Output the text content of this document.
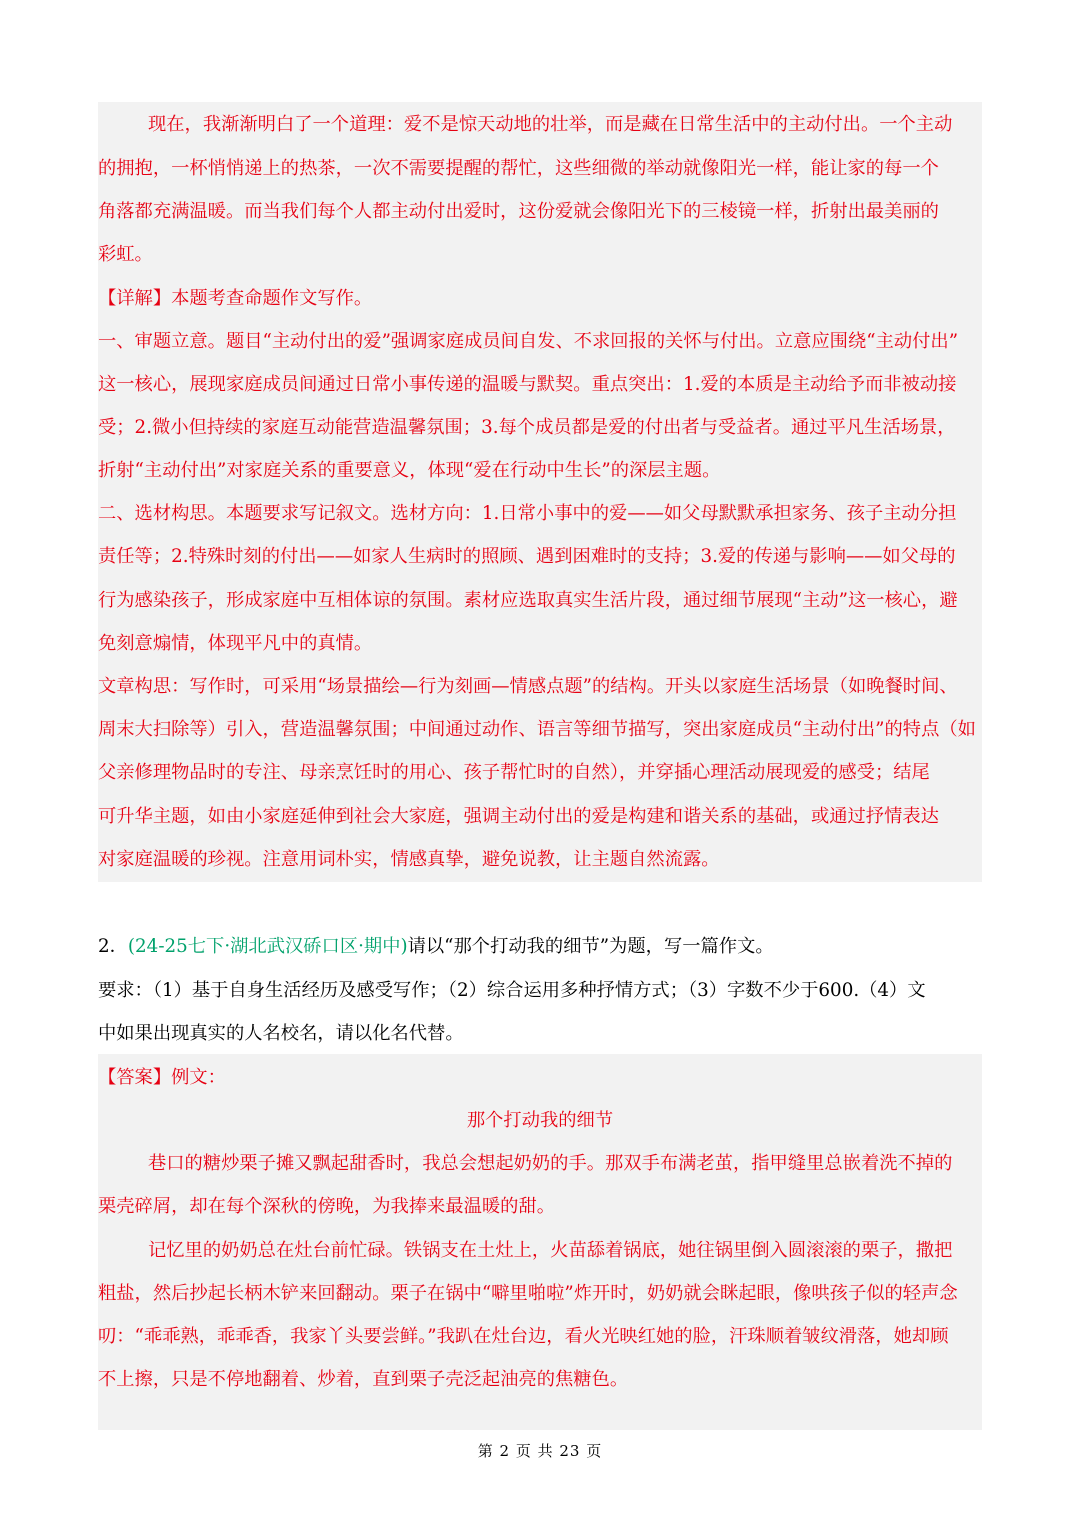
现在，我渐渐明白了一个道理：爱不是惊天动地的壮举，而是藏在日常生活中的主动付出。一个主动
的拥抱，一杯悄悄递上的热茶，一次不需要提醒的帮忙，这些细微的举动就像阳光一样，能让家的每一个
角落都充满温暖。而当我们每个人都主动付出爱时，这份爱就会像阳光下的三棱镜一样，折射出最美丽的
彩虹。
【详解】本题考查命题作文写作。
一、审题立意。题目“主动付出的爱”强调家庭成员间自发、不求回报的关怀与付出。立意应围绕“主动付出”
这一核心，展现家庭成员间通过日常小事传递的温暖与默契。重点突出：1.爱的本质是主动给予而非被动接
受；2.微小但持续的家庭互动能营造温馨氛围；3.每个成员都是爱的付出者与受益者。通过平凡生活场景，
折射“主动付出”对家庭关系的重要意义，体现“爱在行动中生长”的深层主题。
二、选材构思。本题要求写记叙文。选材方向：1.日常小事中的爱——如父母默默承担家务、孩子主动分担
责任等；2.特殊时刻的付出——如家人生病时的照顾、遇到困难时的支持；3.爱的传递与影响——如父母的
行为感染孩子，形成家庭中互相体谅的氛围。素材应选取真实生活片段，通过细节展现“主动”这一核心，避
免刻意煽情，体现平凡中的真情。
文章构思：写作时，可采用“场景描绘—行为刻画—情感点题”的结构。开头以家庭生活场景（如晚餐时间、
周末大扫除等）引入，营造温馨氛围；中间通过动作、语言等细节描写，突出家庭成员“主动付出”的特点（如
父亲修理物品时的专注、母亲烹饪时的用心、孩子帮忙时的自然），并穿插心理活动展现爱的感受；结尾
可升华主题，如由小家庭延伸到社会大家庭，强调主动付出的爱是构建和谐关系的基础，或通过抒情表达
对家庭温暖的珍视。注意用词朴实，情感真挚，避免说教，让主题自然流露。
2．(24-25七下·湖北武汉硚口区·期中)请以“那个打动我的细节”为题，写一篇作文。
要求：（1）基于自身生活经历及感受写作；（2）综合运用多种抒情方式；（3）字数不少于600.（4）文
中如果出现真实的人名校名，请以化名代替。
【答案】例文：
那个打动我的细节
巷口的糖炒栗子摊又飘起甜香时，我总会想起奶奶的手。那双手布满老茧，指甲缝里总嵌着洗不掉的
栗壳碎屑，却在每个深秋的傍晚，为我捧来最温暖的甜。
记忆里的奶奶总在灶台前忙碌。铁锅支在土灶上，火苗舔着锅底，她往锅里倒入圆滚滚的栗子，撒把
粗盐，然后抄起长柄木铲来回翻动。栗子在锅中“噼里啪啦”炸开时，奶奶就会眯起眼，像哄孩子似的轻声念
叨：“乖乖熟，乖乖香，我家丫头要尝鲜。”我趴在灶台边，看火光映红她的脸，汗珠顺着皱纹滑落，她却顾
不上擦，只是不停地翻着、炒着，直到栗子壳泛起油亮的焦糖色。
第 2 页 共 23 页
